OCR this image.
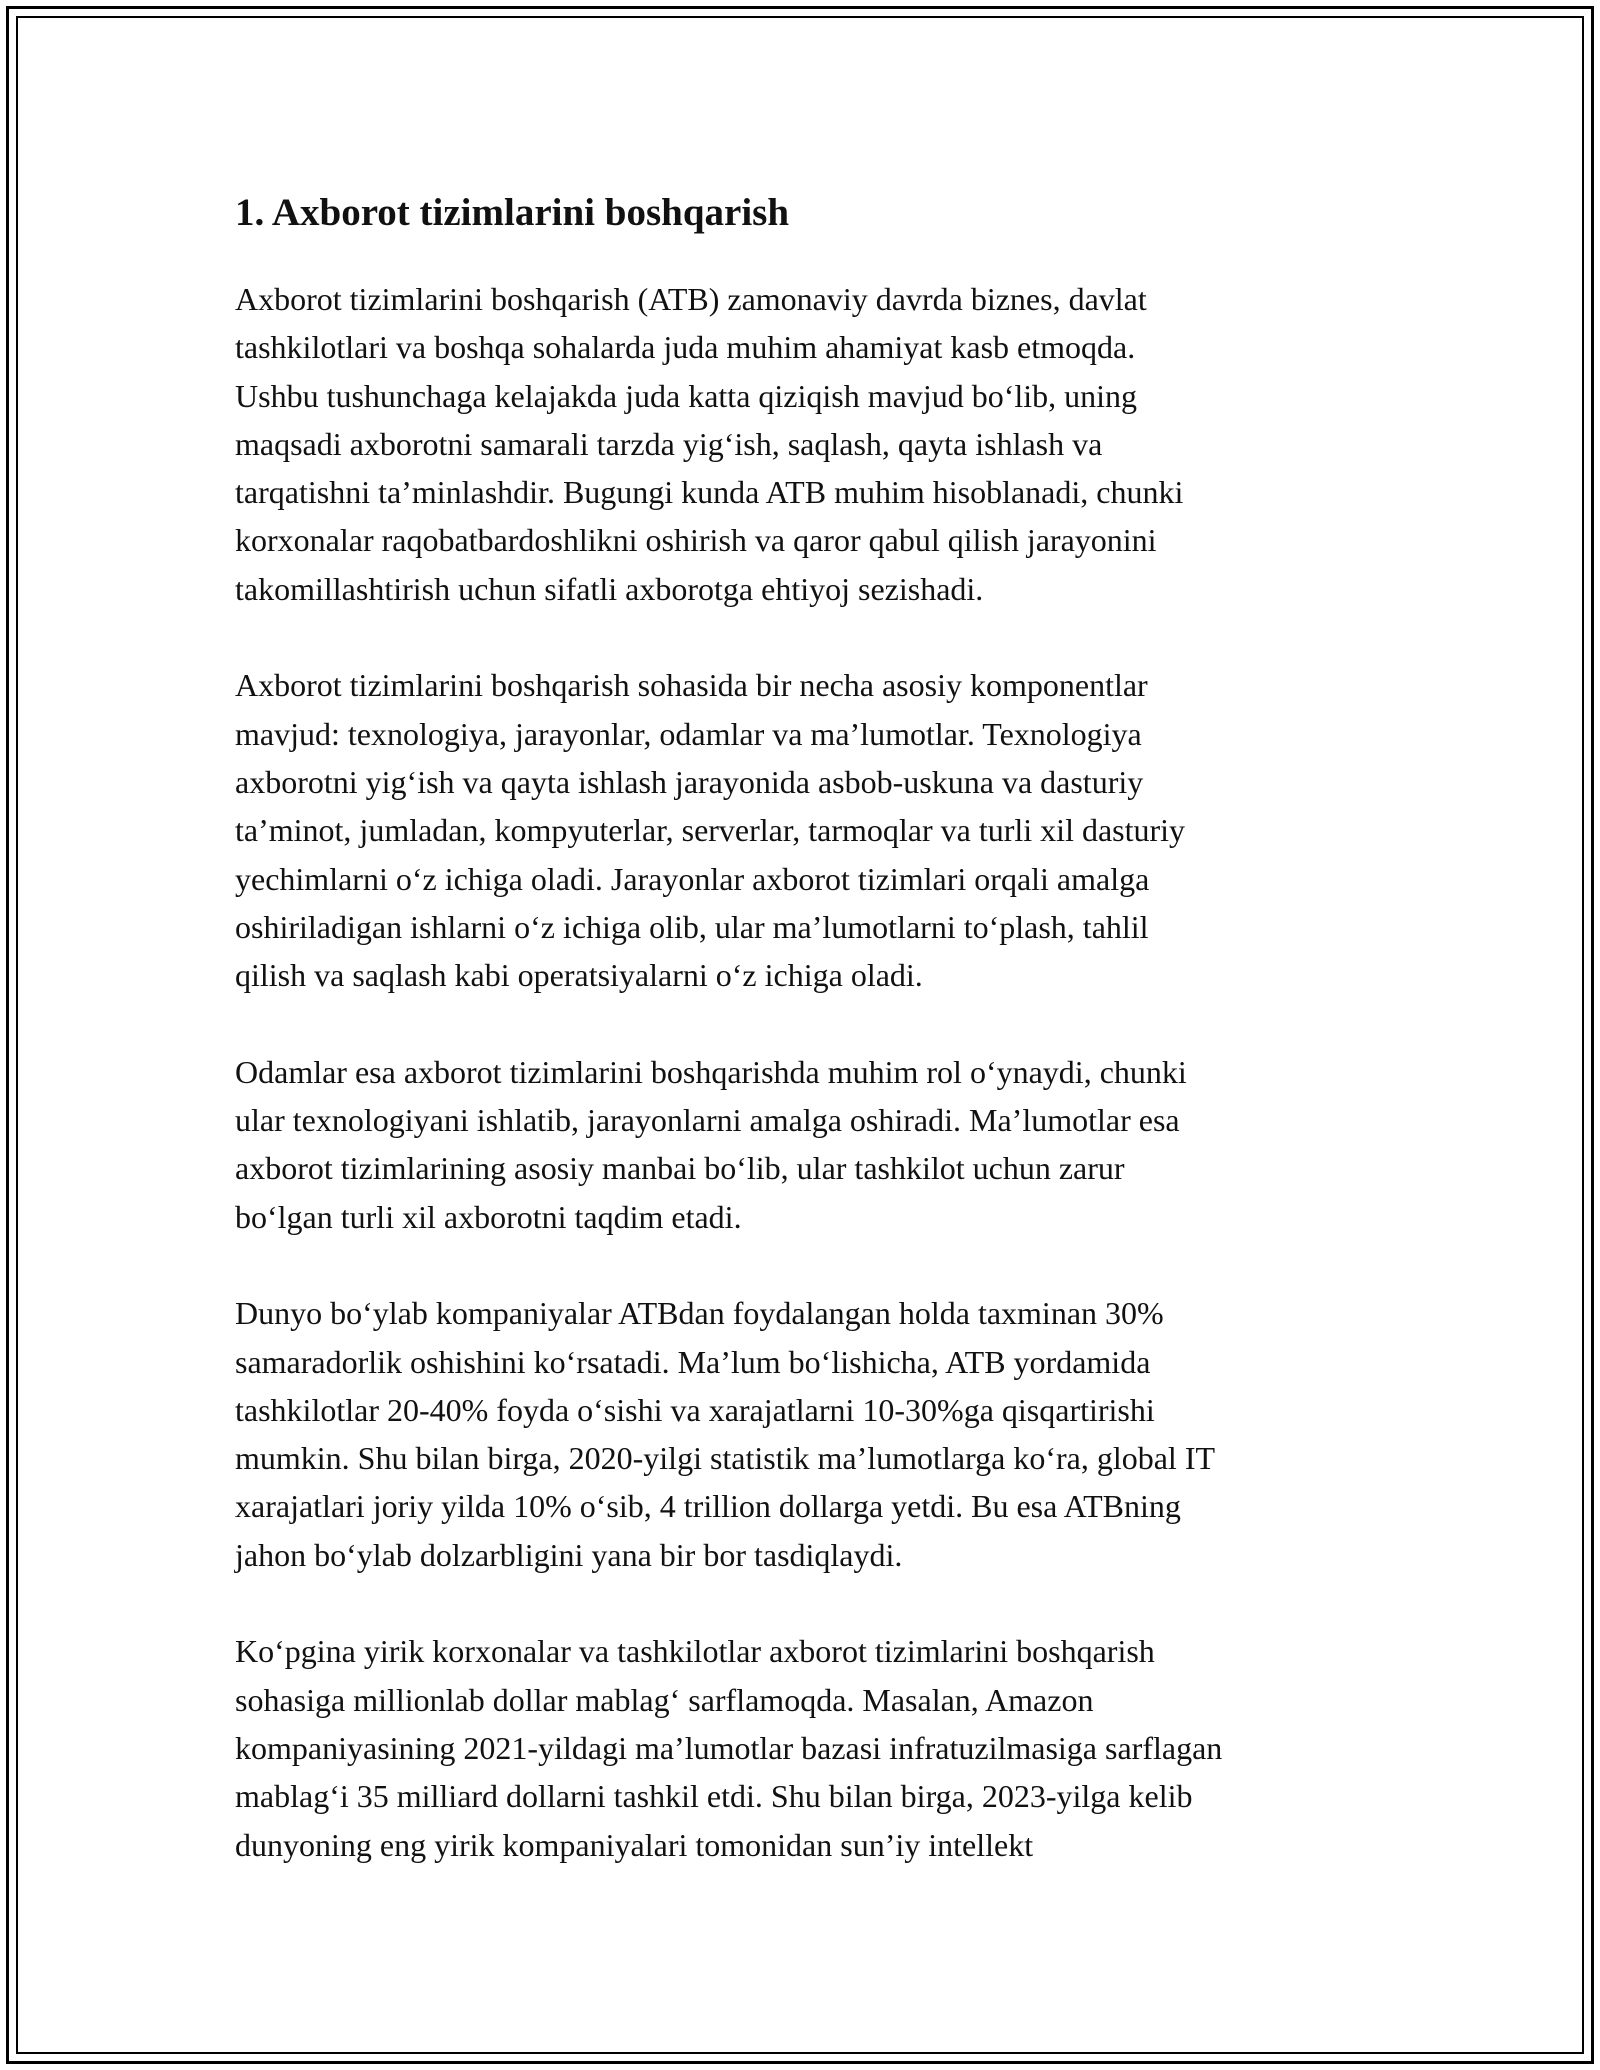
1. Axborot tizimlarini boshqarish
Axborot tizimlarini boshqarish (ATB) zamonaviy davrda biznes, davlat
tashkilotlari va boshqa sohalarda juda muhim ahamiyat kasb etmoqda.
Ushbu tushunchaga kelajakda juda katta qiziqish mavjud bo‘lib, uning
maqsadi axborotni samarali tarzda yig‘ish, saqlash, qayta ishlash va
tarqatishni ta’minlashdir. Bugungi kunda ATB muhim hisoblanadi, chunki
korxonalar raqobatbardoshlikni oshirish va qaror qabul qilish jarayonini
takomillashtirish uchun sifatli axborotga ehtiyoj sezishadi.
Axborot tizimlarini boshqarish sohasida bir necha asosiy komponentlar
mavjud: texnologiya, jarayonlar, odamlar va ma’lumotlar. Texnologiya
axborotni yig‘ish va qayta ishlash jarayonida asbob-uskuna va dasturiy
ta’minot, jumladan, kompyuterlar, serverlar, tarmoqlar va turli xil dasturiy
yechimlarni o‘z ichiga oladi. Jarayonlar axborot tizimlari orqali amalga
oshiriladigan ishlarni o‘z ichiga olib, ular ma’lumotlarni to‘plash, tahlil
qilish va saqlash kabi operatsiyalarni o‘z ichiga oladi.
Odamlar esa axborot tizimlarini boshqarishda muhim rol o‘ynaydi, chunki
ular texnologiyani ishlatib, jarayonlarni amalga oshiradi. Ma’lumotlar esa
axborot tizimlarining asosiy manbai bo‘lib, ular tashkilot uchun zarur
bo‘lgan turli xil axborotni taqdim etadi.
Dunyo bo‘ylab kompaniyalar ATBdan foydalangan holda taxminan 30%
samaradorlik oshishini ko‘rsatadi. Ma’lum bo‘lishicha, ATB yordamida
tashkilotlar 20-40% foyda o‘sishi va xarajatlarni 10-30%ga qisqartirishi
mumkin. Shu bilan birga, 2020-yilgi statistik ma’lumotlarga ko‘ra, global IT
xarajatlari joriy yilda 10% o‘sib, 4 trillion dollarga yetdi. Bu esa ATBning
jahon bo‘ylab dolzarbligini yana bir bor tasdiqlaydi.
Ko‘pgina yirik korxonalar va tashkilotlar axborot tizimlarini boshqarish
sohasiga millionlab dollar mablag‘ sarflamoqda. Masalan, Amazon
kompaniyasining 2021-yildagi ma’lumotlar bazasi infratuzilmasiga sarflagan
mablag‘i 35 milliard dollarni tashkil etdi. Shu bilan birga, 2023-yilga kelib
dunyoning eng yirik kompaniyalari tomonidan sun’iy intellekt
